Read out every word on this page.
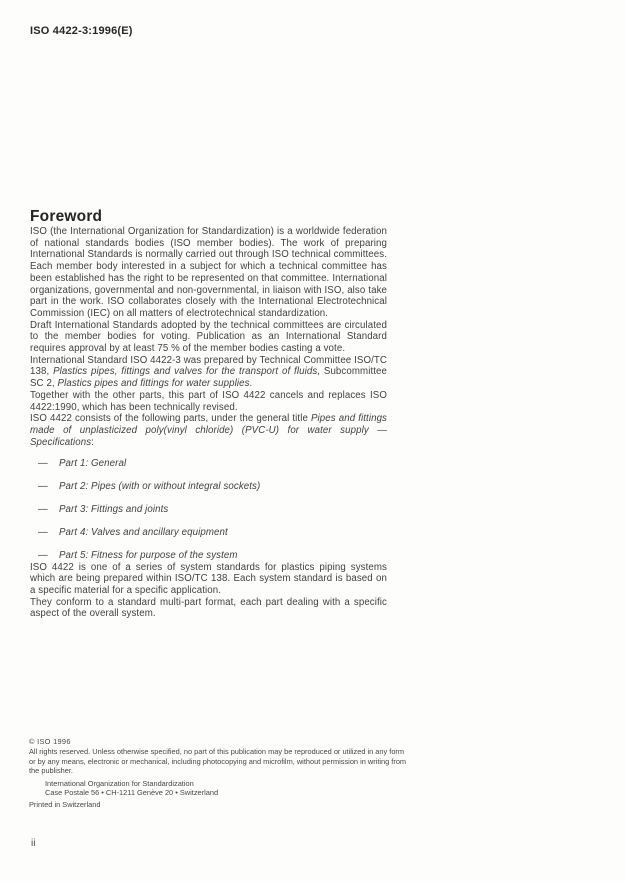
ISO 4422-3:1996(E)
Foreword

ISO (the International Organization for Standardization) is a worldwide federation of national standards bodies (ISO member bodies). The work of preparing International Standards is normally carried out through ISO technical committees. Each member body interested in a subject for which a technical committee has been established has the right to be represented on that committee. International organizations, governmental and non-governmental, in liaison with ISO, also take part in the work. ISO collaborates closely with the International Electrotechnical Commission (IEC) on all matters of electrotechnical standardization.

Draft International Standards adopted by the technical committees are circulated to the member bodies for voting. Publication as an International Standard requires approval by at least 75 % of the member bodies casting a vote.

International Standard ISO 4422-3 was prepared by Technical Committee ISO/TC 138, Plastics pipes, fittings and valves for the transport of fluids, Subcommittee SC 2, Plastics pipes and fittings for water supplies.

Together with the other parts, this part of ISO 4422 cancels and replaces ISO 4422:1990, which has been technically revised.

ISO 4422 consists of the following parts, under the general title Pipes and fittings made of unplasticized poly(vinyl chloride) (PVC-U) for water supply — Specifications:

—	Part 1: General
—	Part 2: Pipes (with or without integral sockets)
—	Part 3: Fittings and joints
—	Part 4: Valves and ancillary equipment
—	Part 5: Fitness for purpose of the system

ISO 4422 is one of a series of system standards for plastics piping systems which are being prepared within ISO/TC 138. Each system standard is based on a specific material for a specific application.

They conform to a standard multi-part format, each part dealing with a specific aspect of the overall system.

© ISO 1996
All rights reserved. Unless otherwise specified, no part of this publication may be reproduced or utilized in any form or by any means, electronic or mechanical, including photocopying and microfilm, without permission in writing from the publisher.
International Organization for Standardization
Case Postale 56 • CH-1211 Genève 20 • Switzerland
Printed in Switzerland
ii
